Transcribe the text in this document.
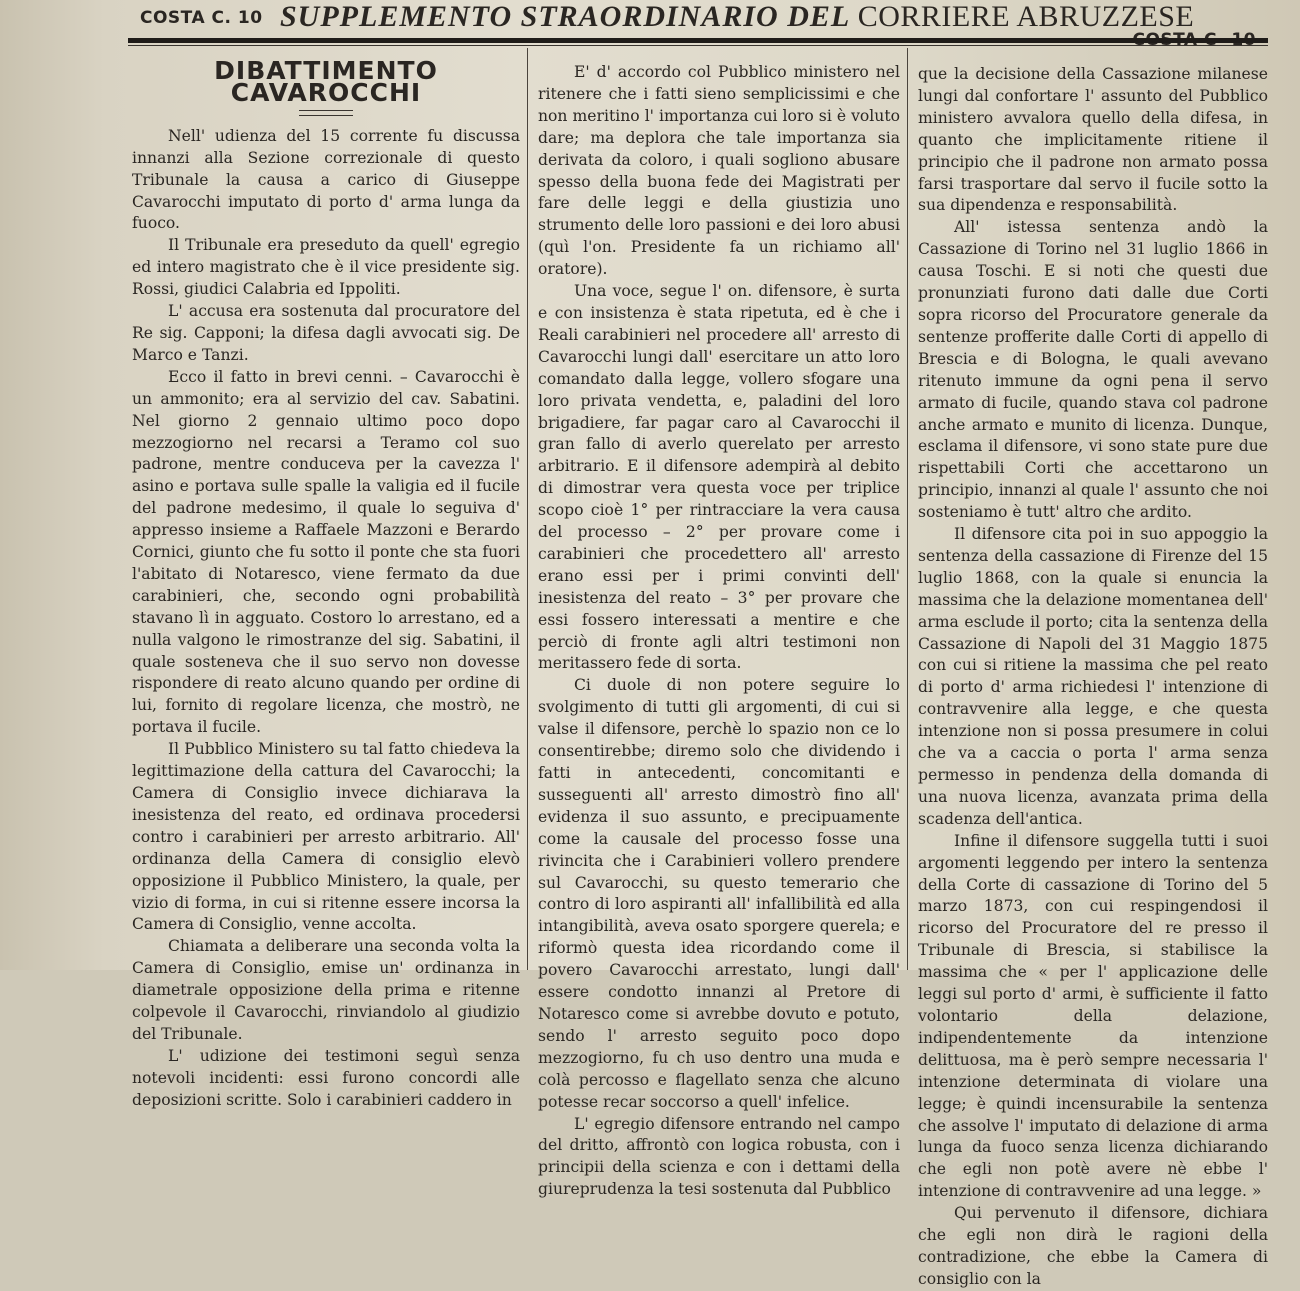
COSTA C. 10 SUPPLEMENTO STRAORDINARIO DEL CORRIERE ABRUZZESE
DIBATTIMENTO CAVAROCCHI

Nell' udienza del 15 corrente fu discussa innanzi alla Sezione correzionale di questo Tribunale la causa a carico di Giuseppe Cavarocchi imputato di porto d' arma lunga da fuoco.

Il Tribunale era preseduto da quell' egregio ed intero magistrato che è il vice presidente sig. Rossi, giudici Calabria ed Ippoliti.

L' accusa era sostenuta dal procuratore del Re sig. Capponi; la difesa dagli avvocati sig. De Marco e Tanzi.

Ecco il fatto in brevi cenni. – Cavarocchi è un ammonito; era al servizio del cav. Sabatini. Nel giorno 2 gennaio ultimo poco dopo mezzogiorno nel recarsi a Teramo col suo padrone, mentre conduceva per la cavezza l' asino e portava sulle spalle la valigia ed il fucile del padrone medesimo, il quale lo seguiva d' appresso insieme a Raffaele Mazzoni e Berardo Cornici, giunto che fu sotto il ponte che sta fuori l'abitato di Notaresco, viene fermato da due carabinieri, che, secondo ogni probabilità stavano lì in agguato. Costoro lo arrestano, ed a nulla valgono le rimostranze del sig. Sabatini, il quale sosteneva che il suo servo non dovesse rispondere di reato alcuno quando per ordine di lui, fornito di regolare licenza, che mostrò, ne portava il fucile.

Il Pubblico Ministero su tal fatto chiedeva la legittimazione della cattura del Cavarocchi; la Camera di Consiglio invece dichiarava la inesistenza del reato, ed ordinava procedersi contro i carabinieri per arresto arbitrario. All' ordinanza della Camera di consiglio elevò opposizione il Pubblico Ministero, la quale, per vizio di forma, in cui si ritenne essere incorsa la Camera di Consiglio, venne accolta.

Chiamata a deliberare una seconda volta la Camera di Consiglio, emise un' ordinanza in diametrale opposizione della prima e ritenne colpevole il Cavarocchi, rinviandolo al giudizio del Tribunale.

L' udizione dei testimoni seguì senza notevoli incidenti: essi furono concordi alle deposizioni scritte. Solo i carabinieri caddero in

E' d' accordo col Pubblico ministero nel ritenere che i fatti sieno semplicissimi e che non meritino l' importanza cui loro si è voluto dare; ma deplora che tale importanza sia derivata da coloro, i quali sogliono abusare spesso della buona fede dei Magistrati per fare delle leggi e della giustizia uno strumento delle loro passioni e dei loro abusi (quì l'on. Presidente fa un richiamo all' oratore).

Una voce, segue l' on. difensore, è surta e con insistenza è stata ripetuta, ed è che i Reali carabinieri nel procedere all' arresto di Cavarocchi lungi dall' esercitare un atto loro comandato dalla legge, vollero sfogare una loro privata vendetta, e, paladini del loro brigadiere, far pagar caro al Cavarocchi il gran fallo di averlo querelato per arresto arbitrario. E il difensore adempirà al debito di dimostrar vera questa voce per triplice scopo cioè 1° per rintracciare la vera causa del processo – 2° per provare come i carabinieri che procedettero all' arresto erano essi per i primi convinti dell' inesistenza del reato – 3° per provare che essi fossero interessati a mentire e che perciò di fronte agli altri testimoni non meritassero fede di sorta.

Ci duole di non potere seguire lo svolgimento di tutti gli argomenti, di cui si valse il difensore, perchè lo spazio non ce lo consentirebbe; diremo solo che dividendo i fatti in antecedenti, concomitanti e susseguenti all' arresto dimostrò fino all' evidenza il suo assunto, e precipuamente come la causale del processo fosse una rivincita che i Carabinieri vollero prendere sul Cavarocchi, su questo temerario che contro di loro aspiranti all' infallibilità ed alla intangibilità, aveva osato sporgere querela; e riformò questa idea ricordando come il povero Cavarocchi arrestato, lungi dall' essere condotto innanzi al Pretore di Notaresco come si avrebbe dovuto e potuto, sendo l' arresto seguito poco dopo mezzogiorno, fu ch uso dentro una muda e colà percosso e flagellato senza che alcuno potesse recar soccorso a quell' infelice.

L' egregio difensore entrando nel campo del dritto, affrontò con logica robusta, con i principii della scienza e con i dettami della giureprudenza la tesi sostenuta dal Pubblico

que la decisione della Cassazione milanese lungi dal confortare l' assunto del Pubblico ministero avvalora quello della difesa, in quanto che implicitamente ritiene il principio che il padrone non armato possa farsi trasportare dal servo il fucile sotto la sua dipendenza e responsabilità.

All' istessa sentenza andò la Cassazione di Torino nel 31 luglio 1866 in causa Toschi. E si noti che questi due pronunziati furono dati dalle due Corti sopra ricorso del Procuratore generale da sentenze profferite dalle Corti di appello di Brescia e di Bologna, le quali avevano ritenuto immune da ogni pena il servo armato di fucile, quando stava col padrone anche armato e munito di licenza. Dunque, esclama il difensore, vi sono state pure due rispettabili Corti che accettarono un principio, innanzi al quale l' assunto che noi sosteniamo è tutt' altro che ardito.

Il difensore cita poi in suo appoggio la sentenza della cassazione di Firenze del 15 luglio 1868, con la quale si enuncia la massima che la delazione momentanea dell' arma esclude il porto; cita la sentenza della Cassazione di Napoli del 31 Maggio 1875 con cui si ritiene la massima che pel reato di porto d' arma richiedesi l' intenzione di contravvenire alla legge, e che questa intenzione non si possa presumere in colui che va a caccia o porta l' arma senza permesso in pendenza della domanda di una nuova licenza, avanzata prima della scadenza dell'antica.

Infine il difensore suggella tutti i suoi argomenti leggendo per intero la sentenza della Corte di cassazione di Torino del 5 marzo 1873, con cui respingendosi il ricorso del Procuratore del re presso il Tribunale di Brescia, si stabilisce la massima che « per l' applicazione delle leggi sul porto d' armi, è sufficiente il fatto volontario della delazione, indipendentemente da intenzione delittuosa, ma è però sempre necessaria l' intenzione determinata di violare una legge; è quindi incensurabile la sentenza che assolve l' imputato di delazione di arma lunga da fuoco senza licenza dichiarando che egli non potè avere nè ebbe l' intenzione di contravvenire ad una legge. »

Qui pervenuto il difensore, dichiara che egli non dirà le ragioni della contradizione, che ebbe la Camera di consiglio con la
